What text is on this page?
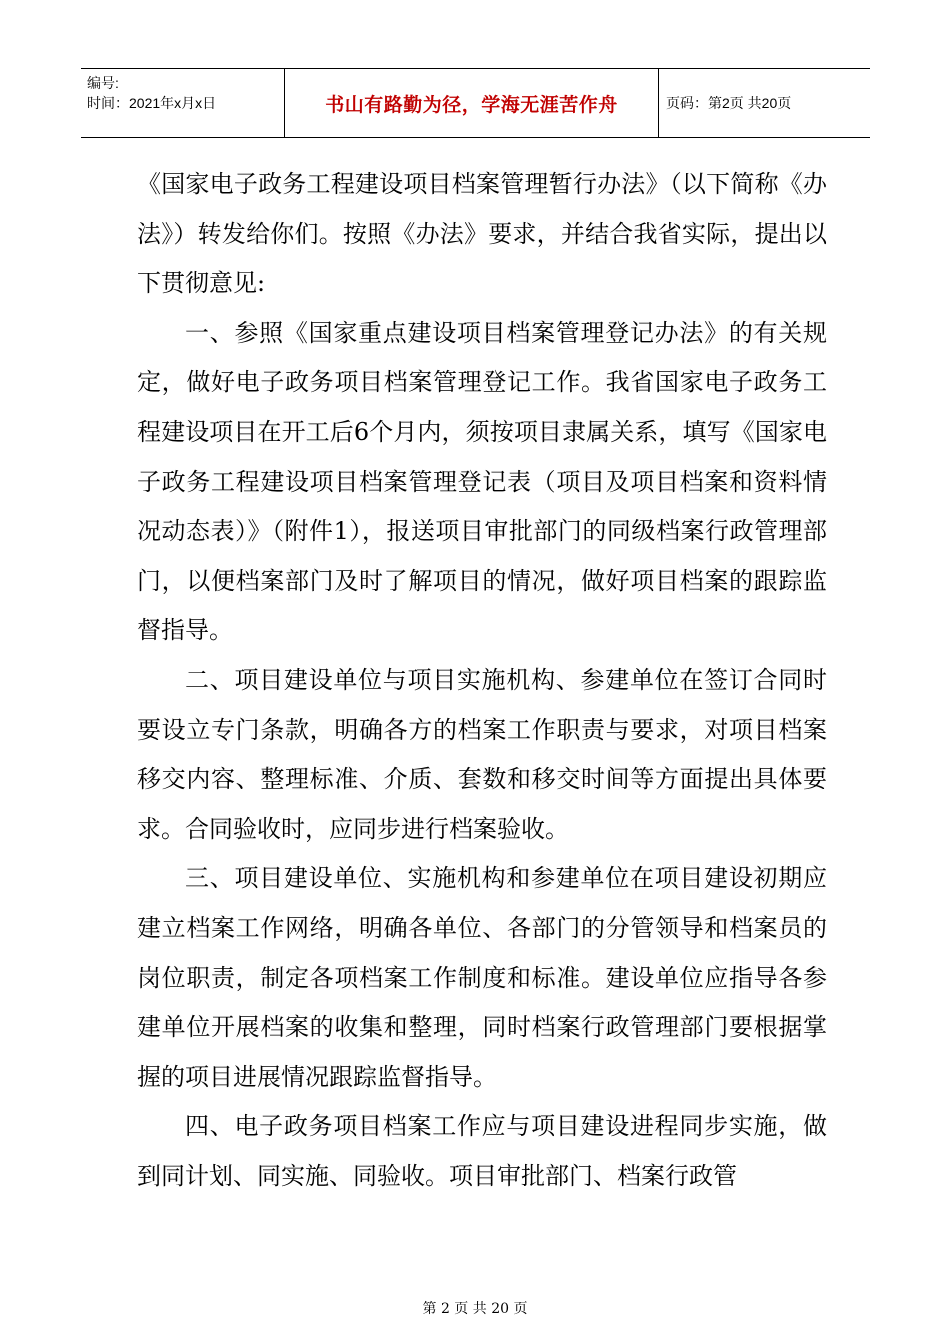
编号:
时间：2021年x月x日	书山有路勤为径，学海无涯苦作舟	页码：第2页 共20页

《国家电子政务工程建设项目档案管理暂行办法》（以下简称《办法》）转发给你们。按照《办法》要求，并结合我省实际，提出以下贯彻意见:

一、参照《国家重点建设项目档案管理登记办法》的有关规定，做好电子政务项目档案管理登记工作。我省国家电子政务工程建设项目在开工后6个月内，须按项目隶属关系，填写《国家电子政务工程建设项目档案管理登记表（项目及项目档案和资料情况动态表）》（附件1），报送项目审批部门的同级档案行政管理部门，以便档案部门及时了解项目的情况，做好项目档案的跟踪监督指导。

二、项目建设单位与项目实施机构、参建单位在签订合同时要设立专门条款，明确各方的档案工作职责与要求，对项目档案移交内容、整理标准、介质、套数和移交时间等方面提出具体要求。合同验收时，应同步进行档案验收。

三、项目建设单位、实施机构和参建单位在项目建设初期应建立档案工作网络，明确各单位、各部门的分管领导和档案员的岗位职责，制定各项档案工作制度和标准。建设单位应指导各参建单位开展档案的收集和整理，同时档案行政管理部门要根据掌握的项目进展情况跟踪监督指导。

四、电子政务项目档案工作应与项目建设进程同步实施，做到同计划、同实施、同验收。项目审批部门、档案行政管

第 2 页 共 20 页
